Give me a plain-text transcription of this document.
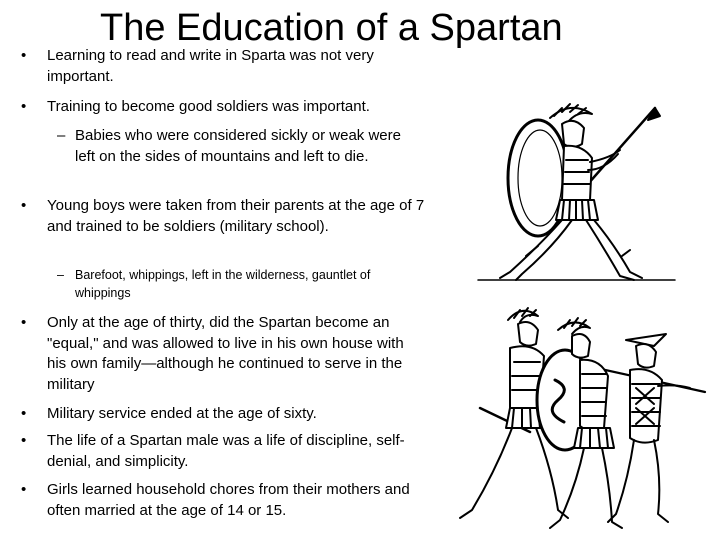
The Education of a Spartan
• Learning to read and write in Sparta was not very important.
• Training to become good soldiers was important.
– Babies who were considered sickly or weak were left on the sides of mountains and left to die.
• Young boys were taken from their parents at the age of 7 and trained to be soldiers (military school).
– Barefoot, whippings, left in the wilderness, gauntlet of whippings
• Only at the age of thirty, did the Spartan become an "equal," and was allowed to live in his own house with his own family—although he continued to serve in the military
• Military service ended at the age of sixty.
• The life of a Spartan male was a life of discipline, self-denial, and simplicity.
• Girls learned household chores from their mothers and often married at the age of 14 or 15.
